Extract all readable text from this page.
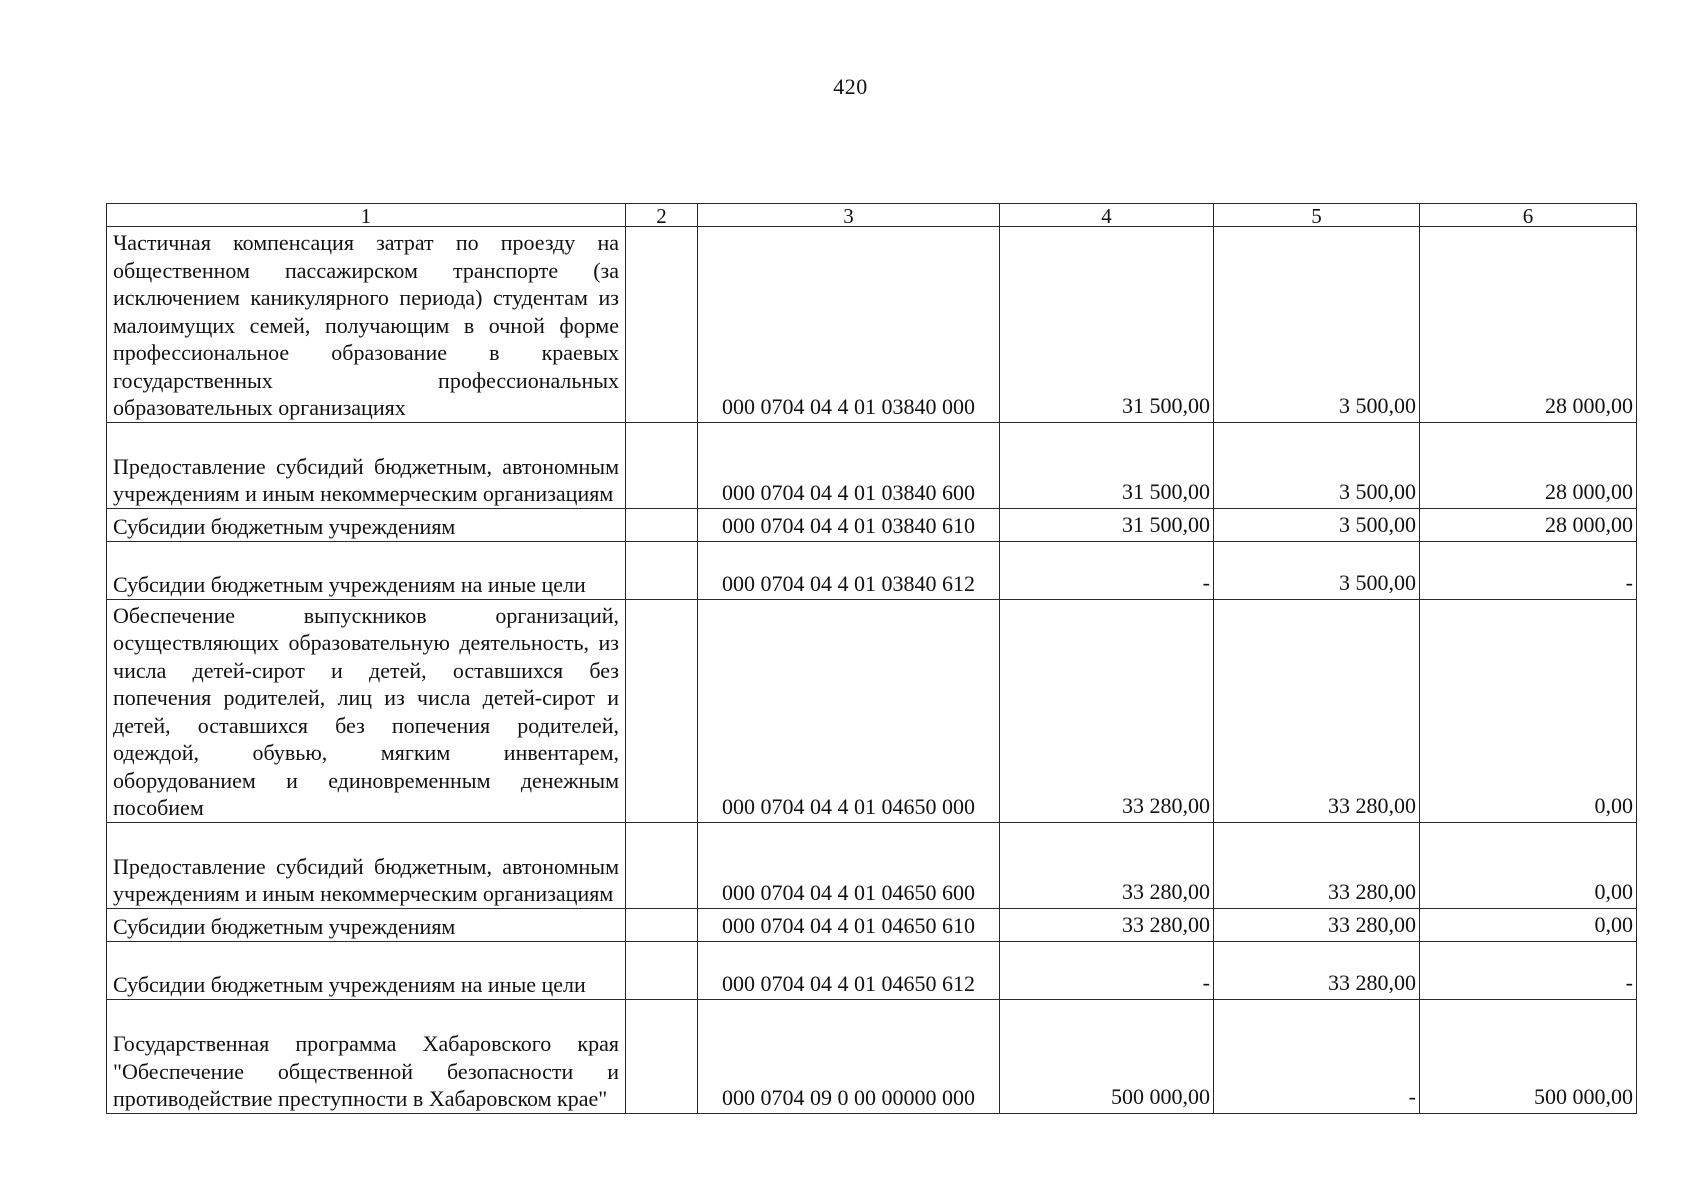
420
1	2	3	4	5	6
Частичная компенсация затрат по проезду на общественном пассажирском транспорте (за исключением каникулярного периода) студентам из малоимущих семей, получающим в очной форме профессиональное образование в краевых государственных профессиональных образовательных организациях		000 0704 04 4 01 03840 000	31 500,00	3 500,00	28 000,00
Предоставление субсидий бюджетным, автономным учреждениям и иным некоммерческим организациям		000 0704 04 4 01 03840 600	31 500,00	3 500,00	28 000,00
Субсидии бюджетным учреждениям		000 0704 04 4 01 03840 610	31 500,00	3 500,00	28 000,00
Субсидии бюджетным учреждениям на иные цели		000 0704 04 4 01 03840 612	-	3 500,00	-
Обеспечение выпускников организаций, осуществляющих образовательную деятельность, из числа детей-сирот и детей, оставшихся без попечения родителей, лиц из числа детей-сирот и детей, оставшихся без попечения родителей, одеждой, обувью, мягким инвентарем, оборудованием и единовременным денежным пособием		000 0704 04 4 01 04650 000	33 280,00	33 280,00	0,00
Предоставление субсидий бюджетным, автономным учреждениям и иным некоммерческим организациям		000 0704 04 4 01 04650 600	33 280,00	33 280,00	0,00
Субсидии бюджетным учреждениям		000 0704 04 4 01 04650 610	33 280,00	33 280,00	0,00
Субсидии бюджетным учреждениям на иные цели		000 0704 04 4 01 04650 612	-	33 280,00	-
Государственная программа Хабаровского края "Обеспечение общественной безопасности и противодействие преступности в Хабаровском крае"		000 0704 09 0 00 00000 000	500 000,00	-	500 000,00
